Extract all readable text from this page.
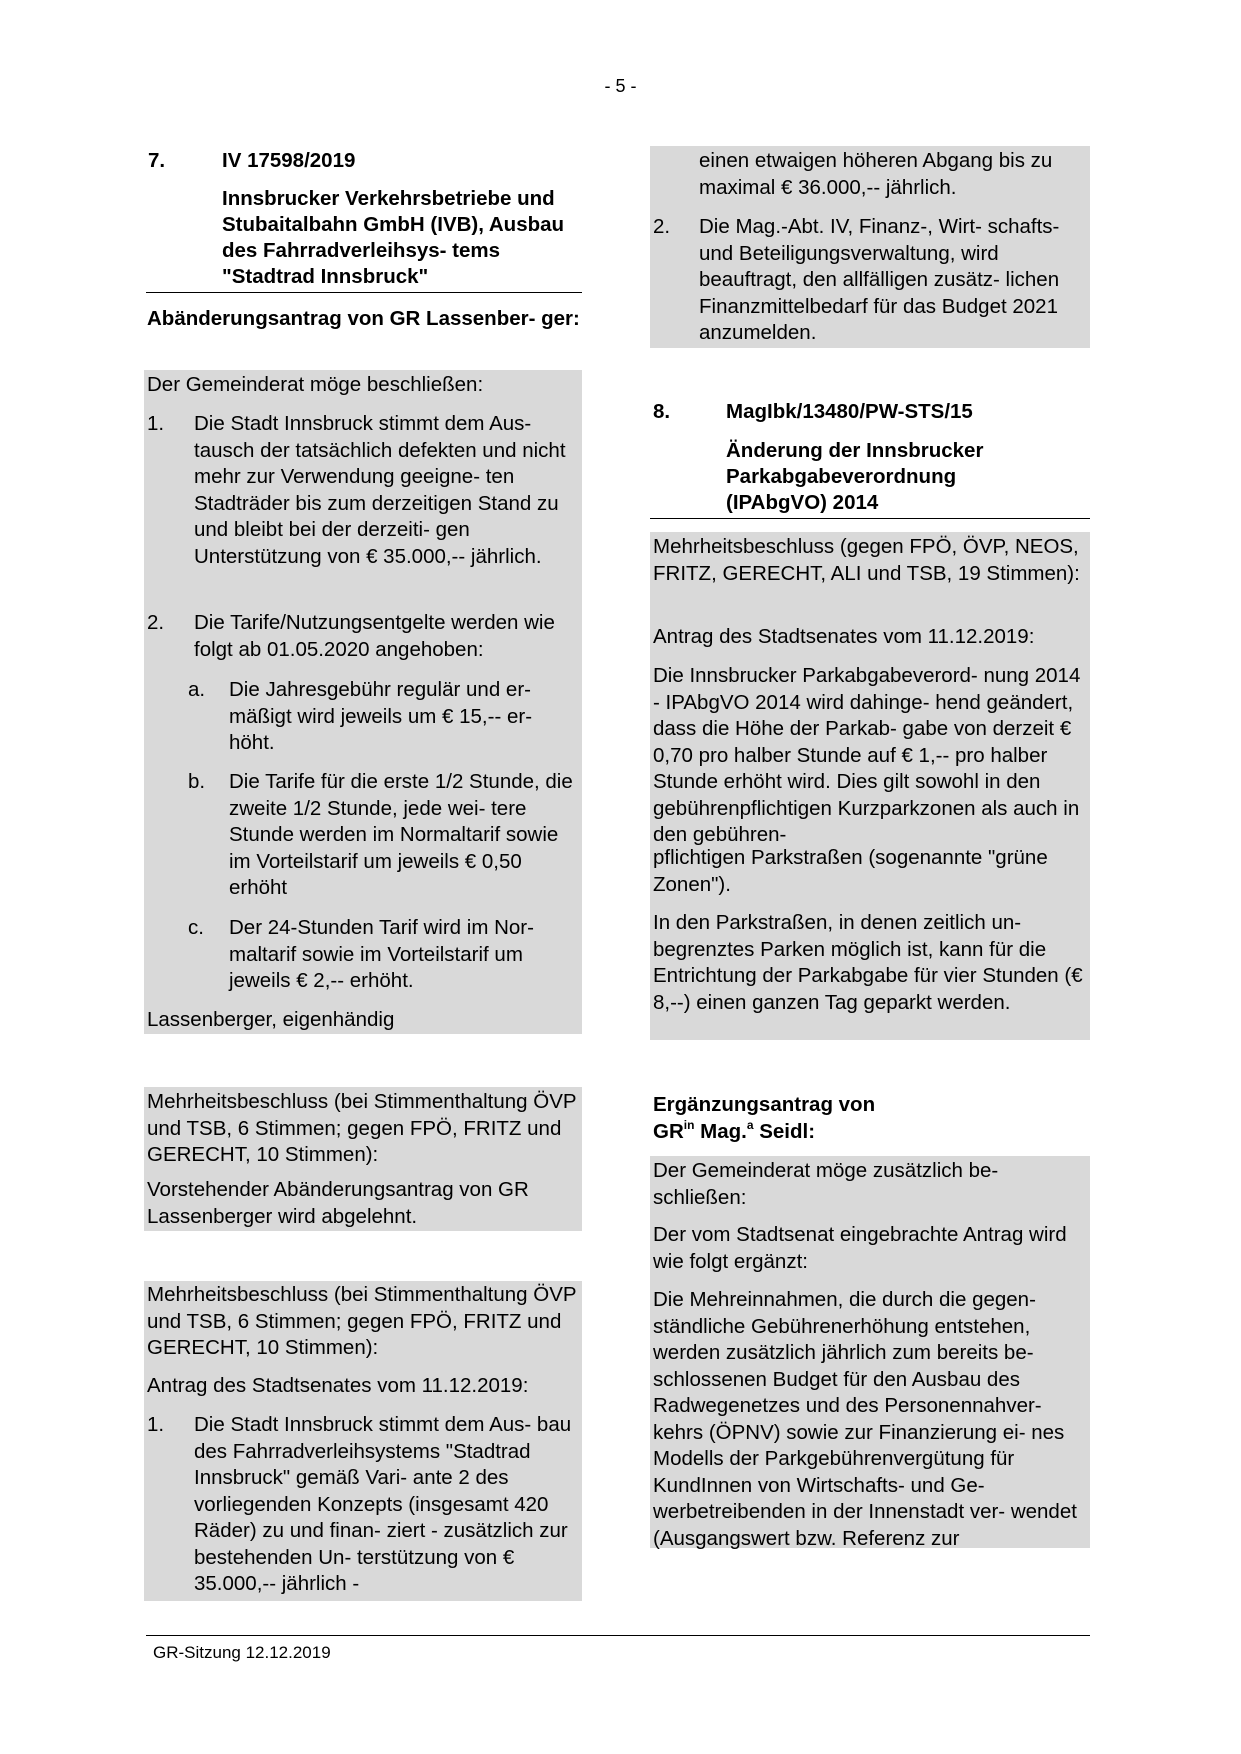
- 5 -
7.	IV 17598/2019
Innsbrucker Verkehrsbetriebe und Stubaitalbahn GmbH (IVB), Ausbau des Fahrradverleihsys- tems "Stadtrad Innsbruck"
Abänderungsantrag von GR Lassenber- ger:
Der Gemeinderat möge beschließen:
1. Die Stadt Innsbruck stimmt dem Aus- tausch der tatsächlich defekten und nicht mehr zur Verwendung geeigne- ten Stadträder bis zum derzeitigen Stand zu und bleibt bei der derzeiti- gen Unterstützung von € 35.000,-- jährlich.
2. Die Tarife/Nutzungsentgelte werden wie folgt ab 01.05.2020 angehoben:
a. Die Jahresgebühr regulär und er- mäßigt wird jeweils um € 15,-- er- höht.
b. Die Tarife für die erste 1/2 Stunde, die zweite 1/2 Stunde, jede wei- tere Stunde werden im Normaltarif sowie im Vorteilstarif um jeweils € 0,50 erhöht
c. Der 24-Stunden Tarif wird im Nor- maltarif sowie im Vorteilstarif um jeweils € 2,-- erhöht.
Lassenberger, eigenhändig
Mehrheitsbeschluss (bei Stimmenthaltung ÖVP und TSB, 6 Stimmen; gegen FPÖ, FRITZ und GERECHT, 10 Stimmen):
Vorstehender Abänderungsantrag von GR Lassenberger wird abgelehnt.
Mehrheitsbeschluss (bei Stimmenthaltung ÖVP und TSB, 6 Stimmen; gegen FPÖ, FRITZ und GERECHT, 10 Stimmen):
Antrag des Stadtsenates vom 11.12.2019:
1. Die Stadt Innsbruck stimmt dem Aus- bau des Fahrradverleihsystems "Stadtrad Innsbruck" gemäß Vari- ante 2 des vorliegenden Konzepts (insgesamt 420 Räder) zu und finan- ziert - zusätzlich zur bestehenden Un- terstützung von € 35.000,-- jährlich -
einen etwaigen höheren Abgang bis zu maximal € 36.000,-- jährlich.
2. Die Mag.-Abt. IV, Finanz-, Wirt- schafts- und Beteiligungsverwaltung, wird beauftragt, den allfälligen zusätz- lichen Finanzmittelbedarf für das Budget 2021 anzumelden.
8.	MagIbk/13480/PW-STS/15
Änderung der Innsbrucker Parkabgabeverordnung (IPAbgVO) 2014
Mehrheitsbeschluss (gegen FPÖ, ÖVP, NEOS, FRITZ, GERECHT, ALI und TSB, 19 Stimmen):
Antrag des Stadtsenates vom 11.12.2019:
Die Innsbrucker Parkabgabeverord- nung 2014 - IPAbgVO 2014 wird dahinge- hend geändert, dass die Höhe der Parkab- gabe von derzeit € 0,70 pro halber Stunde auf € 1,-- pro halber Stunde erhöht wird. Dies gilt sowohl in den gebührenpflichtigen Kurzparkzonen als auch in den gebühren-
pflichtigen Parkstraßen (sogenannte "grüne Zonen").
In den Parkstraßen, in denen zeitlich un- begrenztes Parken möglich ist, kann für die Entrichtung der Parkabgabe für vier Stunden (€ 8,--) einen ganzen Tag geparkt werden.
Ergänzungsantrag von
$GR^{in}$ Mag.$^a$ Seidl:
Der Gemeinderat möge zusätzlich be- schließen:
Der vom Stadtsenat eingebrachte Antrag wird wie folgt ergänzt:
Die Mehreinnahmen, die durch die gegen- ständliche Gebührenerhöhung entstehen, werden zusätzlich jährlich zum bereits be- schlossenen Budget für den Ausbau des Radwegenetzes und des Personennahver- kehrs (ÖPNV) sowie zur Finanzierung ei- nes Modells der Parkgebührenvergütung für KundInnen von Wirtschafts- und Ge- werbetreibenden in der Innenstadt ver- wendet (Ausgangswert bzw. Referenz zur
GR-Sitzung 12.12.2019
